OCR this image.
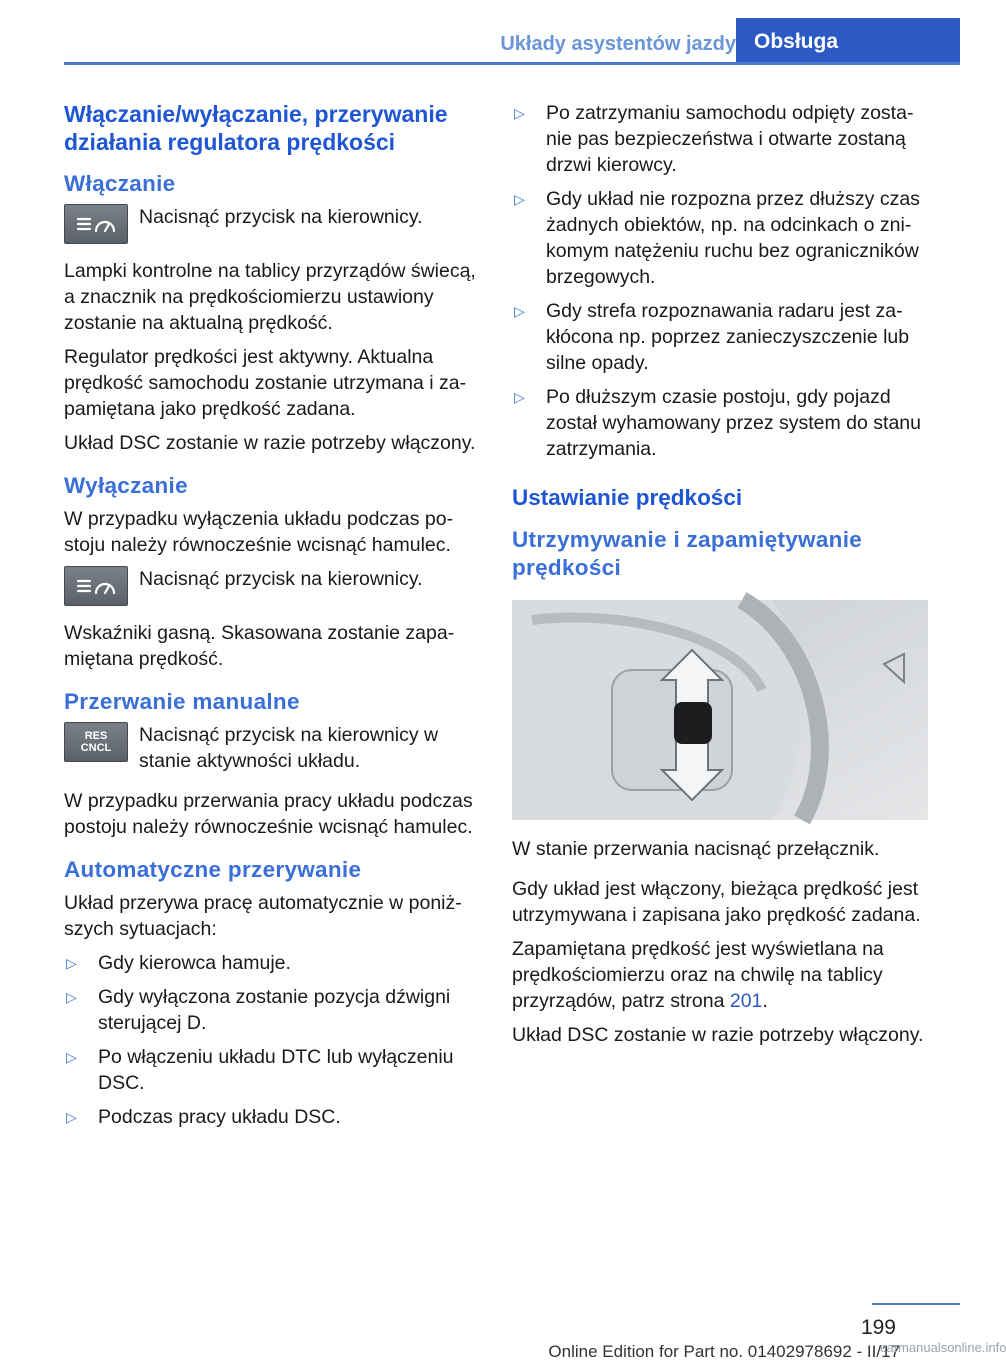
Układy asystentów jazdy Obsługa
Włączanie/wyłączanie, przerywanie działania regulatora prędkości
Włączanie

Nacisnąć przycisk na kierownicy.

Lampki kontrolne na tablicy przyrządów świecą, a znacznik na prędkościomierzu ustawiony zostanie na aktualną prędkość.

Regulator prędkości jest aktywny. Aktualna prędkość samochodu zostanie utrzymana i zapamiętana jako prędkość zadana.

Układ DSC zostanie w razie potrzeby włączony.

Wyłączanie

W przypadku wyłączenia układu podczas postoju należy równocześnie wcisnąć hamulec.

Nacisnąć przycisk na kierownicy.

Wskaźniki gasną. Skasowana zostanie zapamiętana prędkość.

Przerwanie manualne
RES CNCL

Nacisnąć przycisk na kierownicy w stanie aktywności układu.

W przypadku przerwania pracy układu podczas postoju należy równocześnie wcisnąć hamulec.

Automatyczne przerywanie

Układ przerywa pracę automatycznie w poniższych sytuacjach:

▷ Gdy kierowca hamuje.
▷ Gdy wyłączona zostanie pozycja dźwigni sterującej D.
▷ Po włączeniu układu DTC lub wyłączeniu DSC.
▷ Podczas pracy układu DSC.
▷ Po zatrzymaniu samochodu odpięty zostanie pas bezpieczeństwa i otwarte zostaną drzwi kierowcy.
▷ Gdy układ nie rozpozna przez dłuższy czas żadnych obiektów, np. na odcinkach o znikomym natężeniu ruchu bez ograniczników brzegowych.
▷ Gdy strefa rozpoznawania radaru jest zakłócona np. poprzez zanieczyszczenie lub silne opady.
▷ Po dłuższym czasie postoju, gdy pojazd został wyhamowany przez system do stanu zatrzymania.
Ustawianie prędkości
Utrzymywanie i zapamiętywanie prędkości

W stanie przerwania nacisnąć przełącznik.

Gdy układ jest włączony, bieżąca prędkość jest utrzymywana i zapisana jako prędkość zadana.

Zapamiętana prędkość jest wyświetlana na prędkościomierzu oraz na chwilę na tablicy przyrządów, patrz strona 201.

Układ DSC zostanie w razie potrzeby włączony.

199
Online Edition for Part no. 01402978692 - II/17
carmanualsonline.info
